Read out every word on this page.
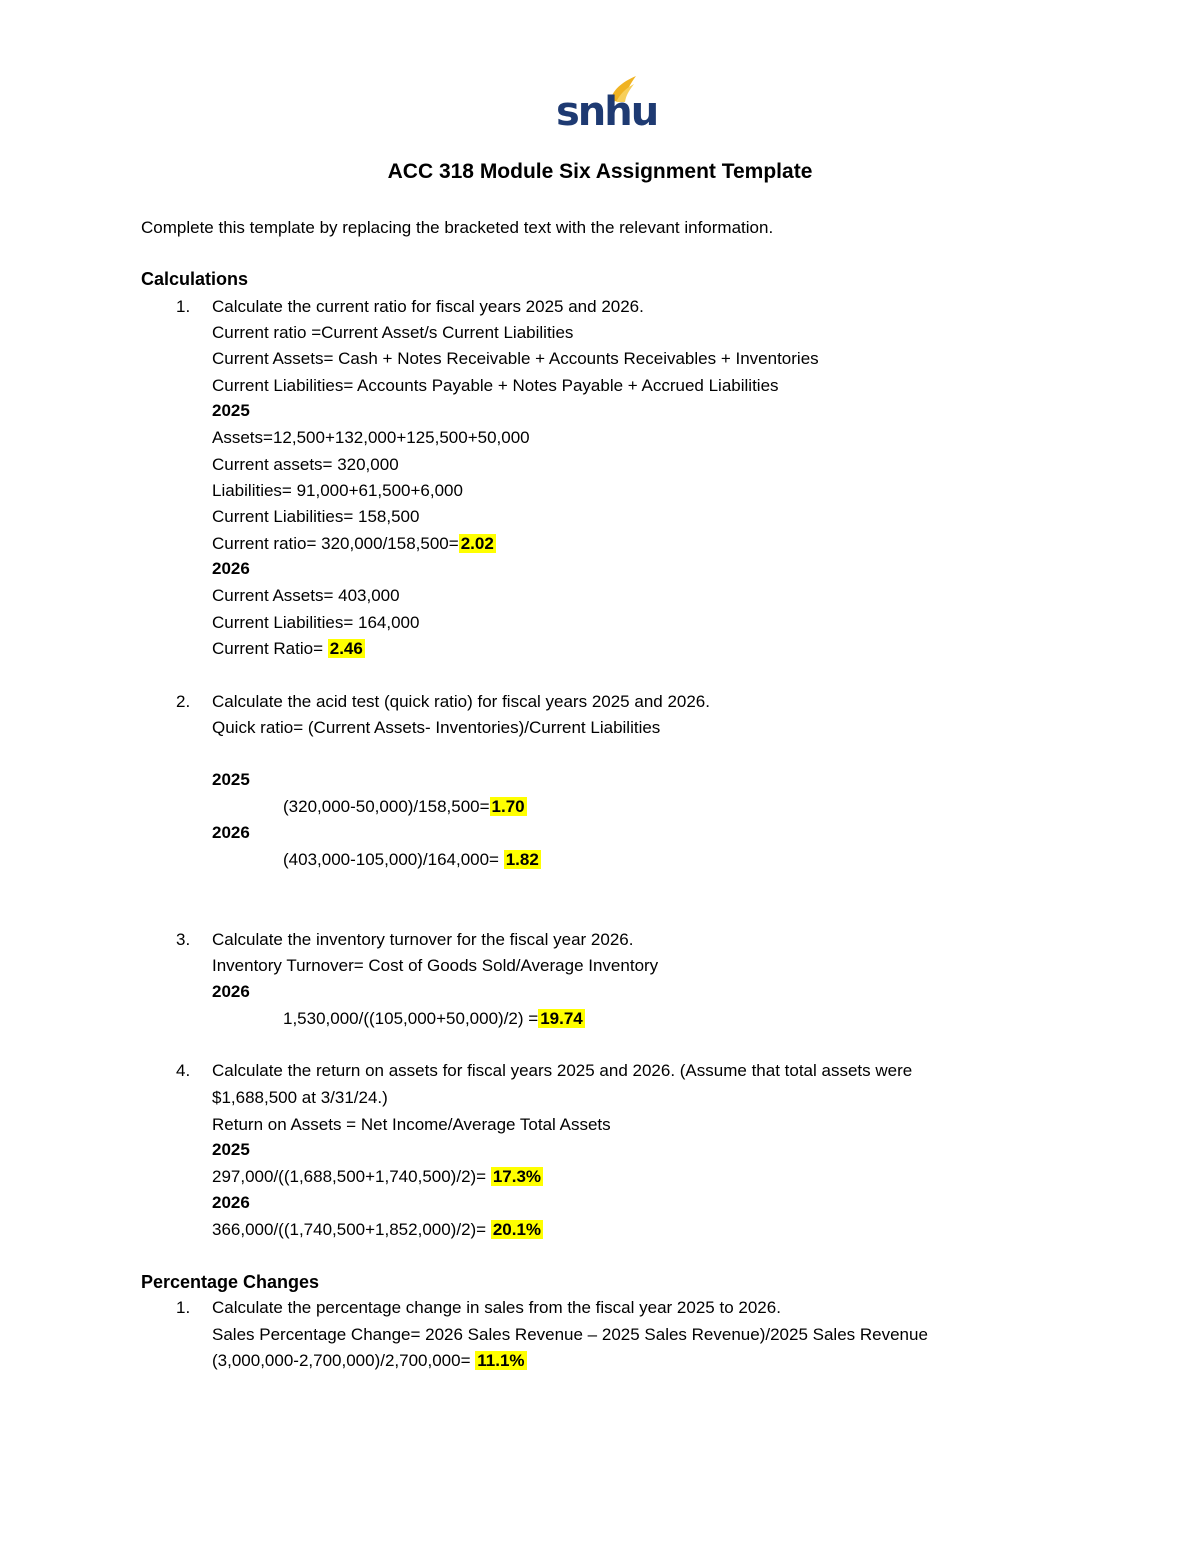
snhu
ACC 318 Module Six Assignment Template
Complete this template by replacing the bracketed text with the relevant information.
Calculations
1. Calculate the current ratio for fiscal years 2025 and 2026.
Current ratio =Current Asset/s Current Liabilities
Current Assets= Cash + Notes Receivable + Accounts Receivables + Inventories
Current Liabilities= Accounts Payable + Notes Payable + Accrued Liabilities
2025
Assets=12,500+132,000+125,500+50,000
Current assets= 320,000
Liabilities= 91,000+61,500+6,000
Current Liabilities= 158,500
Current ratio= 320,000/158,500= 2.02
2026
Current Assets= 403,000
Current Liabilities= 164,000
Current Ratio= 2.46
2. Calculate the acid test (quick ratio) for fiscal years 2025 and 2026.
Quick ratio= (Current Assets- Inventories)/Current Liabilities
2025
(320,000-50,000)/158,500= 1.70
2026
(403,000-105,000)/164,000= 1.82
3. Calculate the inventory turnover for the fiscal year 2026.
Inventory Turnover= Cost of Goods Sold/Average Inventory
2026
1,530,000/((105,000+50,000)/2) = 19.74
4. Calculate the return on assets for fiscal years 2025 and 2026. (Assume that total assets were
$1,688,500 at 3/31/24.)
Return on Assets = Net Income/Average Total Assets
2025
297,000/((1,688,500+1,740,500)/2)= 17.3%
2026
366,000/((1,740,500+1,852,000)/2)= 20.1%
Percentage Changes
1. Calculate the percentage change in sales from the fiscal year 2025 to 2026.
Sales Percentage Change= 2026 Sales Revenue – 2025 Sales Revenue)/2025 Sales Revenue
(3,000,000-2,700,000)/2,700,000= 11.1%
